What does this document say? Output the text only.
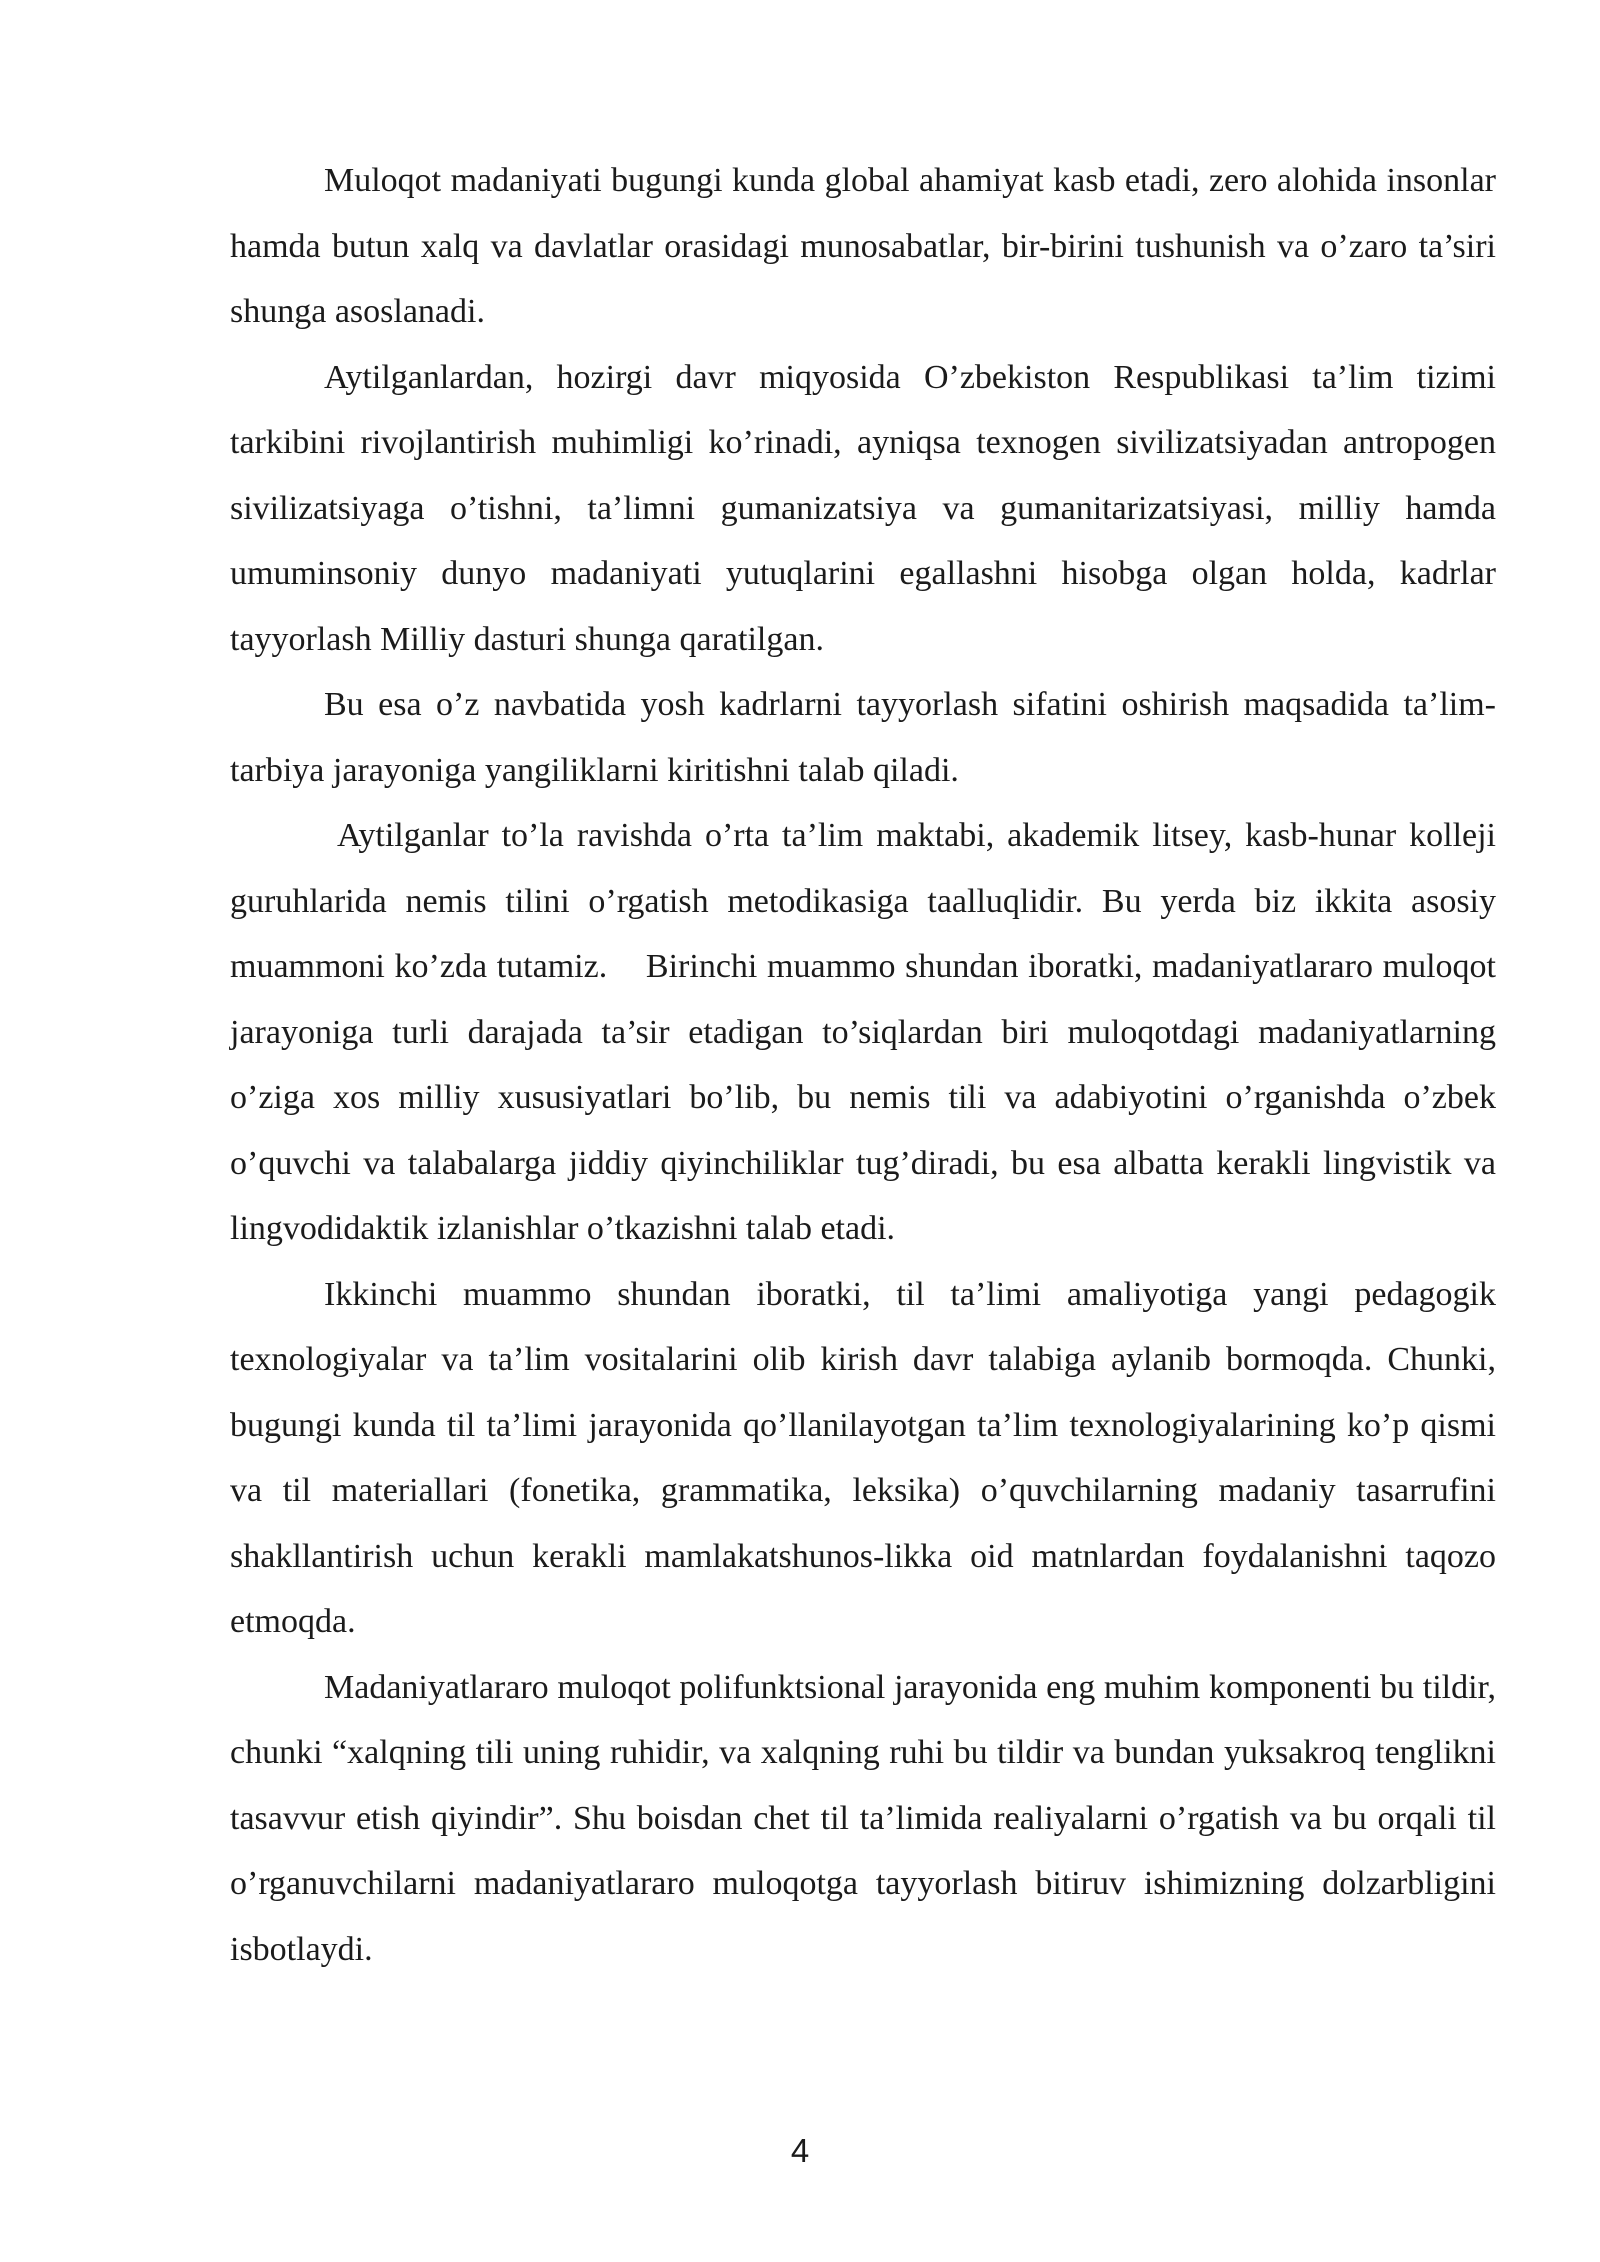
Muloqot madaniyati bugungi kunda global ahamiyat kasb etadi, zero alohida insonlar hamda butun xalq va davlatlar orasidagi munosabatlar, bir-birini tushunish va o’zaro ta’siri shunga asoslanadi.

Aytilganlardan, hozirgi davr miqyosida O’zbekiston Respublikasi ta’lim tizimi tarkibini rivojlantirish muhimligi ko’rinadi, ayniqsa texnogen sivilizatsiyadan antropogen sivilizatsiyaga o’tishni, ta’limni gumanizatsiya va gumanitarizatsiyasi, milliy hamda umuminsoniy dunyo madaniyati yutuqlarini egallashni hisobga olgan holda, kadrlar tayyorlash Milliy dasturi shunga qaratilgan.

Bu esa o’z navbatida yosh kadrlarni tayyorlash sifatini oshirish maqsadida ta’lim-tarbiya jarayoniga yangiliklarni kiritishni talab qiladi.

Aytilganlar to’la ravishda o’rta ta’lim maktabi, akademik litsey, kasb-hunar kolleji guruhlarida nemis tilini o’rgatish metodikasiga taalluqlidir. Bu yerda biz ikkita asosiy muammoni ko’zda tutamiz.    Birinchi muammo shundan iboratki, madaniyatlararo muloqot jarayoniga turli darajada ta’sir etadigan to’siqlardan biri muloqotdagi madaniyatlarning o’ziga xos milliy xususiyatlari bo’lib, bu nemis tili va adabiyotini o’rganishda o’zbek o’quvchi va talabalarga jiddiy qiyinchiliklar tug’diradi, bu esa albatta kerakli lingvistik va lingvodidaktik izlanishlar o’tkazishni talab etadi.

Ikkinchi muammo shundan iboratki, til ta’limi amaliyotiga yangi pedagogik texnologiyalar va ta’lim vositalarini olib kirish davr talabiga aylanib bormoqda. Chunki, bugungi kunda til ta’limi jarayonida qo’llanilayotgan ta’lim texnologiyalarining ko’p qismi va til materiallari (fonetika, grammatika, leksika) o’quvchilarning madaniy tasarrufini shakllantirish uchun kerakli mamlakatshunos-likka oid matnlardan foydalanishni taqozo etmoqda.

Madaniyatlararo muloqot polifunktsional jarayonida eng muhim komponenti bu tildir, chunki “xalqning tili uning ruhidir, va xalqning ruhi bu tildir va bundan yuksakroq tenglikni tasavvur etish qiyindir”. Shu boisdan chet til ta’limida realiyalarni o’rgatish va bu orqali til o’rganuvchilarni madaniyatlararo muloqotga tayyorlash bitiruv ishimizning dolzarbligini isbotlaydi.

4
